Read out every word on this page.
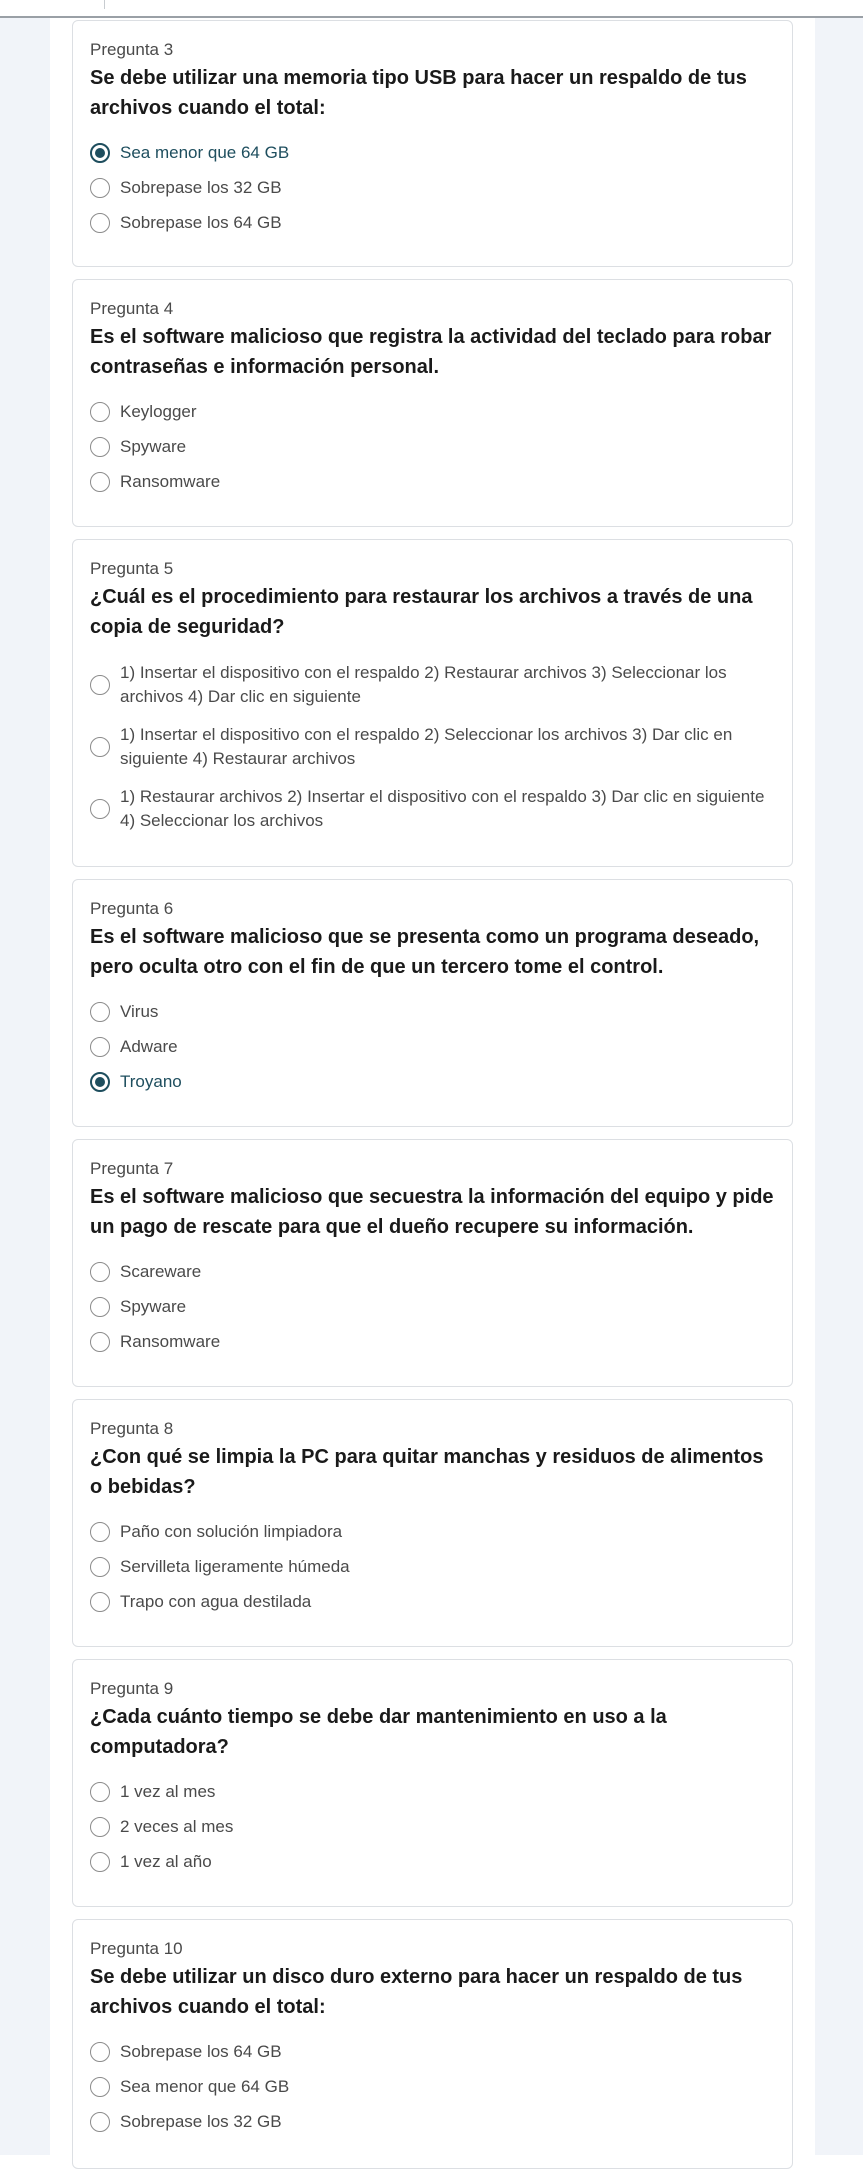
Pregunta 3
Se debe utilizar una memoria tipo USB para hacer un respaldo de tus archivos cuando el total:
Sea menor que 64 GB
Sobrepase los 32 GB
Sobrepase los 64 GB
Pregunta 4
Es el software malicioso que registra la actividad del teclado para robar contraseñas e información personal.
Keylogger
Spyware
Ransomware
Pregunta 5
¿Cuál es el procedimiento para restaurar los archivos a través de una copia de seguridad?
1) Insertar el dispositivo con el respaldo 2) Restaurar archivos 3) Seleccionar los archivos 4) Dar clic en siguiente
1) Insertar el dispositivo con el respaldo 2) Seleccionar los archivos 3) Dar clic en siguiente 4) Restaurar archivos
1) Restaurar archivos 2) Insertar el dispositivo con el respaldo 3) Dar clic en siguiente 4) Seleccionar los archivos
Pregunta 6
Es el software malicioso que se presenta como un programa deseado, pero oculta otro con el fin de que un tercero tome el control.
Virus
Adware
Troyano
Pregunta 7
Es el software malicioso que secuestra la información del equipo y pide un pago de rescate para que el dueño recupere su información.
Scareware
Spyware
Ransomware
Pregunta 8
¿Con qué se limpia la PC para quitar manchas y residuos de alimentos o bebidas?
Paño con solución limpiadora
Servilleta ligeramente húmeda
Trapo con agua destilada
Pregunta 9
¿Cada cuánto tiempo se debe dar mantenimiento en uso a la computadora?
1 vez al mes
2 veces al mes
1 vez al año
Pregunta 10
Se debe utilizar un disco duro externo para hacer un respaldo de tus archivos cuando el total:
Sobrepase los 64 GB
Sea menor que 64 GB
Sobrepase los 32 GB
